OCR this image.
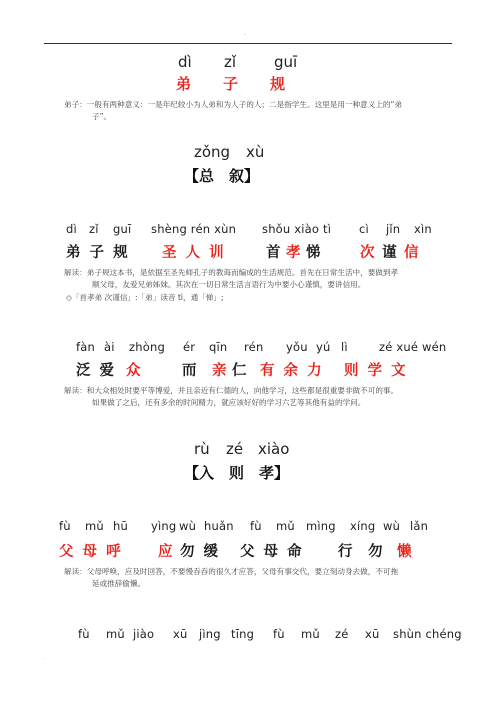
.
dì zǐ	guī
弟 子 规
弟子：一般有两种意义：一是年纪较小为人弟和为人子的人；二是指学生。这里是用一种意义上的“弟
子”。
zǒng xù
【总　叙】
dì zǐ guī shèng rén xùn shǒu xiào tì cì jǐn xìn
弟 子 规 圣 人 训	首 孝 悌	次 谨 信
解读：弟子规这本书，是依据至圣先师孔子的教诲而编成的生活规范。首先在日常生活中，要做到孝
顺父母，友爱兄弟姊妹。其次在一切日常生活言语行为中要小心谨慎，要讲信用。
◇「首孝弟 次谨信」:「弟」读音 tì，通「悌」;
fàn ài zhòng ér qīn rén yǒu yú lì	zé xué wén
泛 爱 众	而 亲 仁 有 余 力 则 学 文
解读：和大众相处时要平等博爱，并且亲近有仁德的人，向他学习，这些都是很重要非做不可的事。
如果做了之后，还有多余的时间精力，就应该好好的学习六艺等其他有益的学问。
rù zé xiào
【入　则　孝】
fù mǔ hū yìng wù huǎn fù mǔ mìng xíng wù lǎn
父 母 呼 应 勿 缓 父 母 命 行 勿 懒
解读：父母呼唤，应及时回答，不要慢吞吞的很久才应答，父母有事交代，要立刻动身去做，不可拖
延或推辞偷懒。
fù mǔ jiào xū jìng tīng fù mǔ zé xū shùn chéng
·
